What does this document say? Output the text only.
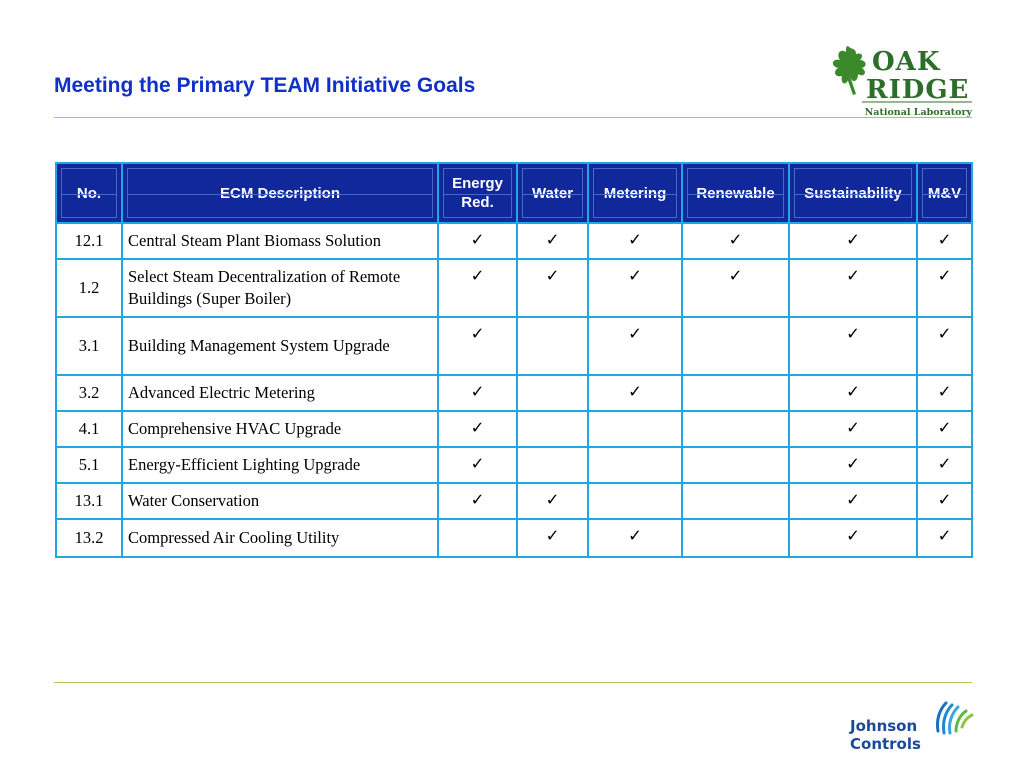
Meeting the Primary TEAM Initiative Goals
OAK
RIDGE
National Laboratory
Johnson
Controls
No.	ECM Description	Energy Red.	Water	Metering	Renewable	Sustainability	M&V

12.1	Central Steam Plant Biomass Solution	✓	✓	✓	✓	✓	✓
1.2	Select Steam Decentralization of Remote Buildings (Super Boiler)	✓	✓	✓	✓	✓	✓
3.1	Building Management System Upgrade	✓		✓		✓	✓
3.2	Advanced Electric Metering	✓		✓		✓	✓
4.1	Comprehensive HVAC Upgrade	✓				✓	✓
5.1	Energy-Efficient Lighting Upgrade	✓				✓	✓
13.1	Water Conservation	✓	✓			✓	✓
13.2	Compressed Air Cooling Utility		✓	✓		✓	✓
